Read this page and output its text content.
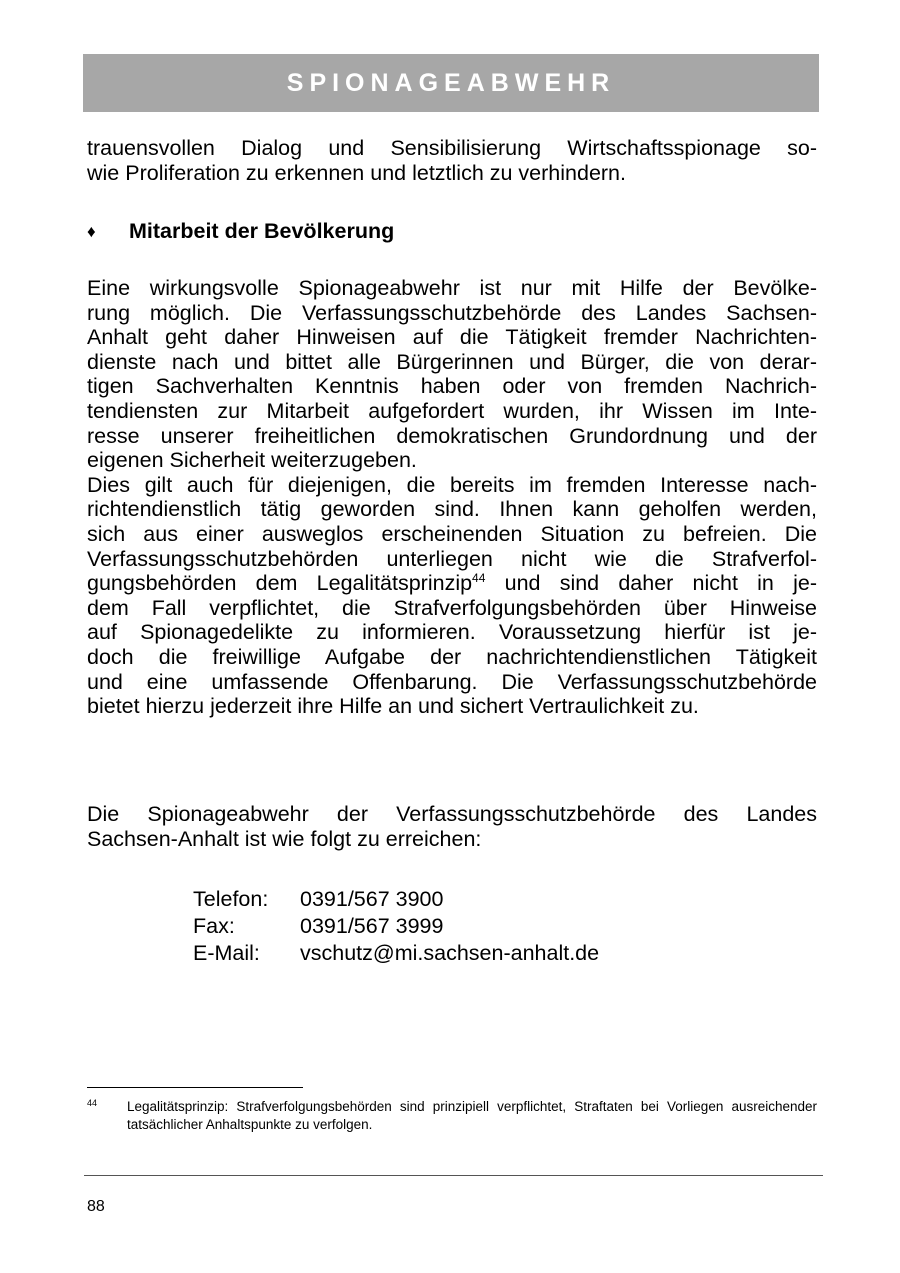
SPIONAGEABWEHR

trauensvollen Dialog und Sensibilisierung Wirtschaftsspionage so-
wie Proliferation zu erkennen und letztlich zu verhindern.

♦	Mitarbeit der Bevölkerung

Eine wirkungsvolle Spionageabwehr ist nur mit Hilfe der Bevölke-
rung möglich. Die Verfassungsschutzbehörde des Landes Sachsen-
Anhalt geht daher Hinweisen auf die Tätigkeit fremder Nachrichten-
dienste nach und bittet alle Bürgerinnen und Bürger, die von derar-
tigen Sachverhalten Kenntnis haben oder von fremden Nachrich-
tendiensten zur Mitarbeit aufgefordert wurden, ihr Wissen im Inte-
resse unserer freiheitlichen demokratischen Grundordnung und der
eigenen Sicherheit weiterzugeben.
Dies gilt auch für diejenigen, die bereits im fremden Interesse nach-
richtendienstlich tätig geworden sind. Ihnen kann geholfen werden,
sich aus einer ausweglos erscheinenden Situation zu befreien. Die
Verfassungsschutzbehörden unterliegen nicht wie die Strafverfol-
gungsbehörden dem Legalitätsprinzip$^{44}$ und sind daher nicht in je-
dem Fall verpflichtet, die Strafverfolgungsbehörden über Hinweise
auf Spionagedelikte zu informieren. Voraussetzung hierfür ist je-
doch die freiwillige Aufgabe der nachrichtendienstlichen Tätigkeit
und eine umfassende Offenbarung. Die Verfassungsschutzbehörde
bietet hierzu jederzeit ihre Hilfe an und sichert Vertraulichkeit zu.

Die Spionageabwehr der Verfassungsschutzbehörde des Landes
Sachsen-Anhalt ist wie folgt zu erreichen:

Telefon:	0391/567 3900
Fax:	0391/567 3999
E-Mail:	vschutz@mi.sachsen-anhalt.de
44 Legalitätsprinzip: Strafverfolgungsbehörden sind prinzipiell verpflichtet, Straftaten bei Vorliegen ausreichender tatsächlicher Anhaltspunkte zu verfolgen.
88
